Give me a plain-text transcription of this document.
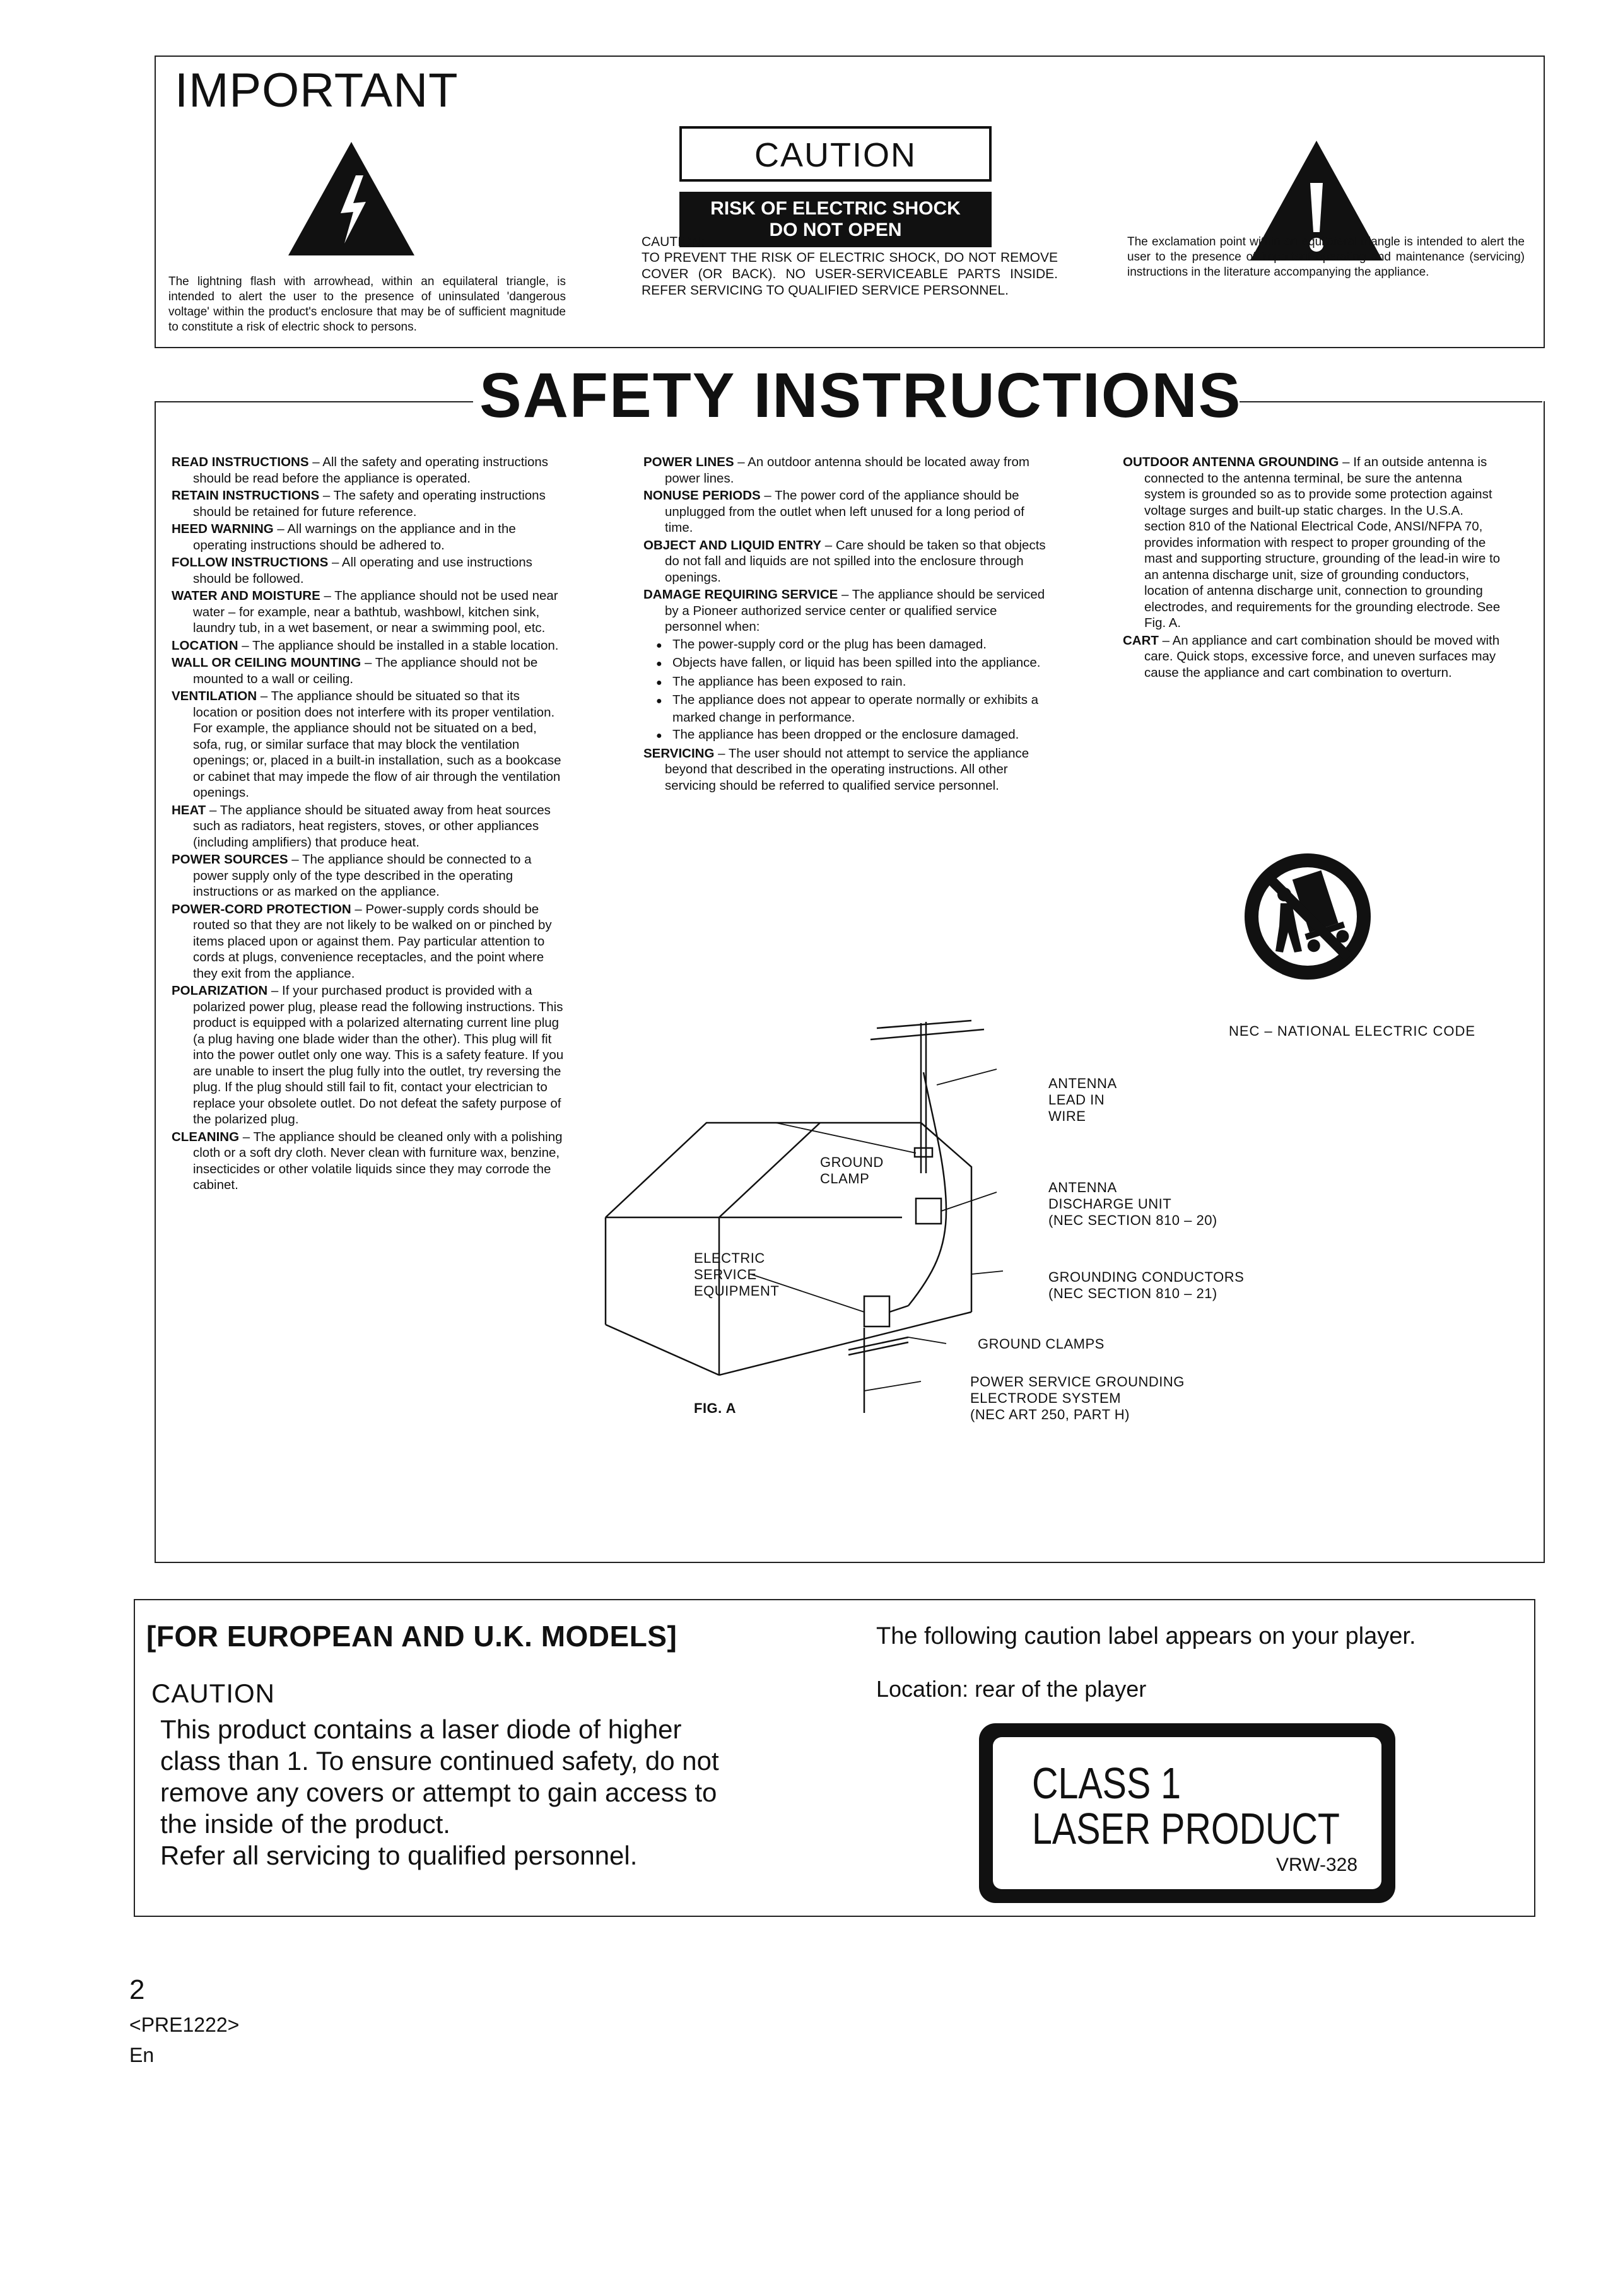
IMPORTANT
The lightning flash with arrowhead, within an equilateral triangle, is intended to alert the user to the presence of uninsulated 'dangerous voltage' within the product's enclosure that may be of sufficient magnitude to constitute a risk of electric shock to persons.
CAUTION
RISK OF ELECTRIC SHOCK
DO NOT OPEN
CAUTION:
TO PREVENT THE RISK OF ELECTRIC SHOCK, DO NOT REMOVE COVER (OR BACK). NO USER-SERVICEABLE PARTS INSIDE. REFER SERVICING TO QUALIFIED SERVICE PERSONNEL.
The exclamation point within an equilateral triangle is intended to alert the user to the presence of important operating and maintenance (servicing) instructions in the literature accompanying the appliance.
SAFETY INSTRUCTIONS

READ INSTRUCTIONS – All the safety and operating instructions should be read before the appliance is operated.

RETAIN INSTRUCTIONS – The safety and operating instructions should be retained for future reference.

HEED WARNING – All warnings on the appliance and in the operating instructions should be adhered to.

FOLLOW INSTRUCTIONS – All operating and use instructions should be followed.

WATER AND MOISTURE – The appliance should not be used near water – for example, near a bathtub, washbowl, kitchen sink, laundry tub, in a wet basement, or near a swimming pool, etc.

LOCATION – The appliance should be installed in a stable location.

WALL OR CEILING MOUNTING – The appliance should not be mounted to a wall or ceiling.

VENTILATION – The appliance should be situated so that its location or position does not interfere with its proper ventilation. For example, the appliance should not be situated on a bed, sofa, rug, or similar surface that may block the ventilation openings; or, placed in a built-in installation, such as a bookcase or cabinet that may impede the flow of air through the ventilation openings.

HEAT – The appliance should be situated away from heat sources such as radiators, heat registers, stoves, or other appliances (including amplifiers) that produce heat.

POWER SOURCES – The appliance should be connected to a power supply only of the type described in the operating instructions or as marked on the appliance.

POWER-CORD PROTECTION – Power-supply cords should be routed so that they are not likely to be walked on or pinched by items placed upon or against them. Pay particular attention to cords at plugs, convenience receptacles, and the point where they exit from the appliance.

POLARIZATION – If your purchased product is provided with a polarized power plug, please read the following instructions. This product is equipped with a polarized alternating current line plug (a plug having one blade wider than the other). This plug will fit into the power outlet only one way. This is a safety feature. If you are unable to insert the plug fully into the outlet, try reversing the plug. If the plug should still fail to fit, contact your electrician to replace your obsolete outlet. Do not defeat the safety purpose of the polarized plug.

CLEANING – The appliance should be cleaned only with a polishing cloth or a soft dry cloth. Never clean with furniture wax, benzine, insecticides or other volatile liquids since they may corrode the cabinet.

POWER LINES – An outdoor antenna should be located away from power lines.

NONUSE PERIODS – The power cord of the appliance should be unplugged from the outlet when left unused for a long period of time.

OBJECT AND LIQUID ENTRY – Care should be taken so that objects do not fall and liquids are not spilled into the enclosure through openings.

DAMAGE REQUIRING SERVICE – The appliance should be serviced by a Pioneer authorized service center or qualified service personnel when:

● The power-supply cord or the plug has been damaged.

● Objects have fallen, or liquid has been spilled into the appliance.

● The appliance has been exposed to rain.

● The appliance does not appear to operate normally or exhibits a marked change in performance.

● The appliance has been dropped or the enclosure damaged.

SERVICING – The user should not attempt to service the appliance beyond that described in the operating instructions. All other servicing should be referred to qualified service personnel.

OUTDOOR ANTENNA GROUNDING – If an outside antenna is connected to the antenna terminal, be sure the antenna system is grounded so as to provide some protection against voltage surges and built-up static charges. In the U.S.A. section 810 of the National Electrical Code, ANSI/NFPA 70, provides information with respect to proper grounding of the mast and supporting structure, grounding of the lead-in wire to an antenna discharge unit, size of grounding conductors, location of antenna discharge unit, connection to grounding electrodes, and requirements for the grounding electrode. See Fig. A.

CART – An appliance and cart combination should be moved with care. Quick stops, excessive force, and uneven surfaces may cause the appliance and cart combination to overturn.

NEC – NATIONAL ELECTRIC CODE
ANTENNA
LEAD IN
WIRE
GROUND
CLAMP
ANTENNA
DISCHARGE UNIT
(NEC SECTION 810 – 20)
ELECTRIC
SERVICE
EQUIPMENT
GROUNDING CONDUCTORS
(NEC SECTION 810 – 21)
GROUND CLAMPS
POWER SERVICE GROUNDING
ELECTRODE SYSTEM
(NEC ART 250, PART H)
FIG. A
[FOR EUROPEAN AND U.K. MODELS]
CAUTION
This product contains a laser diode of higher
class than 1. To ensure continued safety, do not
remove any covers or attempt to gain access to
the inside of the product.
Refer all servicing to qualified personnel.
The following caution label appears on your player.
Location: rear of the player
CLASS 1
LASER PRODUCT
VRW-328
2
<PRE1222>
En
